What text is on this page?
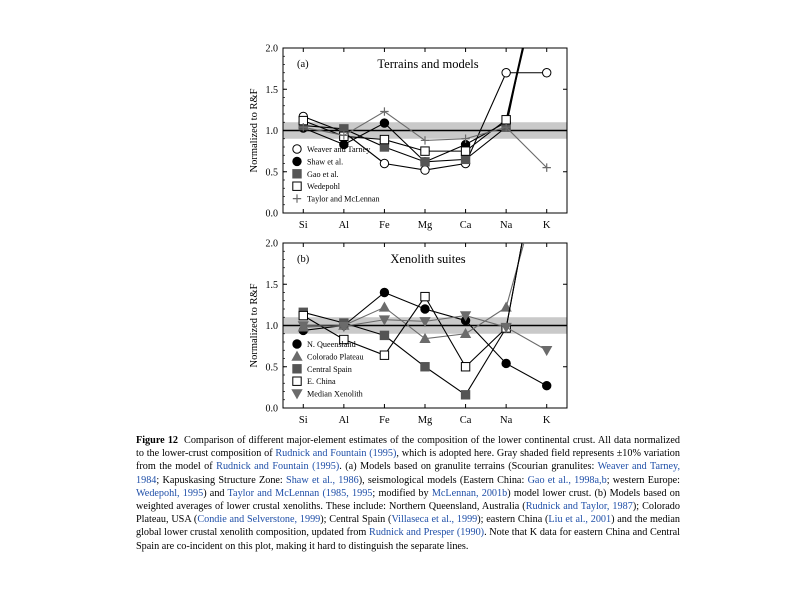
0.0
0.5
1.0
1.5
2.0
Si	Al	Fe	Mg	Ca	Na	K
Normalized to R&F
(a)	Terrains and models
Weaver and Tarney
Shaw et al.
Gao et al.
Wedepohl
Taylor and McLennan
0.0
0.5
1.0
1.5
2.0
Si	Al	Fe	Mg	Ca	Na	K
Normalized to R&F
(b)	Xenolith suites
N. Queensland
Colorado Plateau
Central Spain
E. China
Median Xenolith
Figure 12 Comparison of different major-element estimates of the composition of the lower continental crust. All data normalized to the lower-crust composition of Rudnick and Fountain (1995), which is adopted here. Gray shaded field represents ±10% variation from the model of Rudnick and Fountain (1995). (a) Models based on granulite terrains (Scourian granulites: Weaver and Tarney, 1984; Kapuskasing Structure Zone: Shaw et al., 1986), seismological models (Eastern China: Gao et al., 1998a,b; western Europe: Wedepohl, 1995) and Taylor and McLennan (1985, 1995; modified by McLennan, 2001b) model lower crust. (b) Models based on weighted averages of lower crustal xenoliths. These include: Northern Queensland, Australia (Rudnick and Taylor, 1987); Colorado Plateau, USA (Condie and Selverstone, 1999); Central Spain (Villaseca et al., 1999); eastern China (Liu et al., 2001) and the median global lower crustal xenolith composition, updated from Rudnick and Presper (1990). Note that K data for eastern China and Central Spain are co-incident on this plot, making it hard to distinguish the separate lines.
